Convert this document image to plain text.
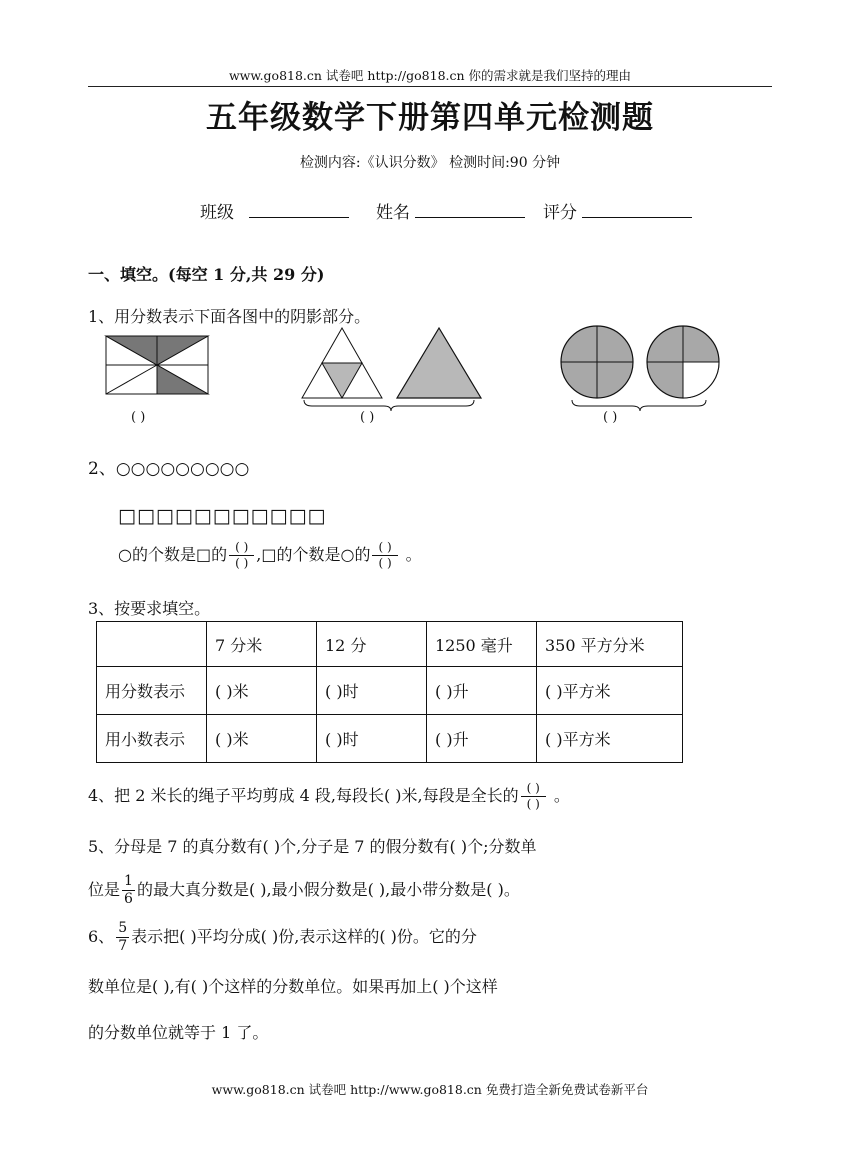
www.go818.cn 试卷吧 http://go818.cn 你的需求就是我们坚持的理由
五年级数学下册第四单元检测题
检测内容:《认识分数》 检测时间:90 分钟
班级	姓名	评分
一、填空。(每空 1 分,共 29 分)
1、用分数表示下面各图中的阴影部分。
( )	( )	( )
2、○○○○○○○○○
□□□□□□□□□□□
○的个数是□的 $\frac{( )}{( )}$ ,□的个数是○的 $\frac{( )}{( )}$ 。
3、按要求填空。
	7 分米	12 分	1250 毫升	350 平方分米
用分数表示	( )米	( )时	( )升	( )平方米
用小数表示	( )米	( )时	( )升	( )平方米
4、把 2 米长的绳子平均剪成 4 段,每段长( )米,每段是全长的 $\frac{( )}{( )}$ 。
5、分母是 7 的真分数有( )个,分子是 7 的假分数有( )个;分数单
位是 $\frac{1}{6}$ 的最大真分数是( ),最小假分数是( ),最小带分数是( )。
6、 $\frac{5}{7}$ 表示把( )平均分成( )份,表示这样的( )份。它的分
数单位是( ),有( )个这样的分数单位。如果再加上( )个这样
的分数单位就等于 1 了。
www.go818.cn 试卷吧 http://www.go818.cn 免费打造全新免费试卷新平台
